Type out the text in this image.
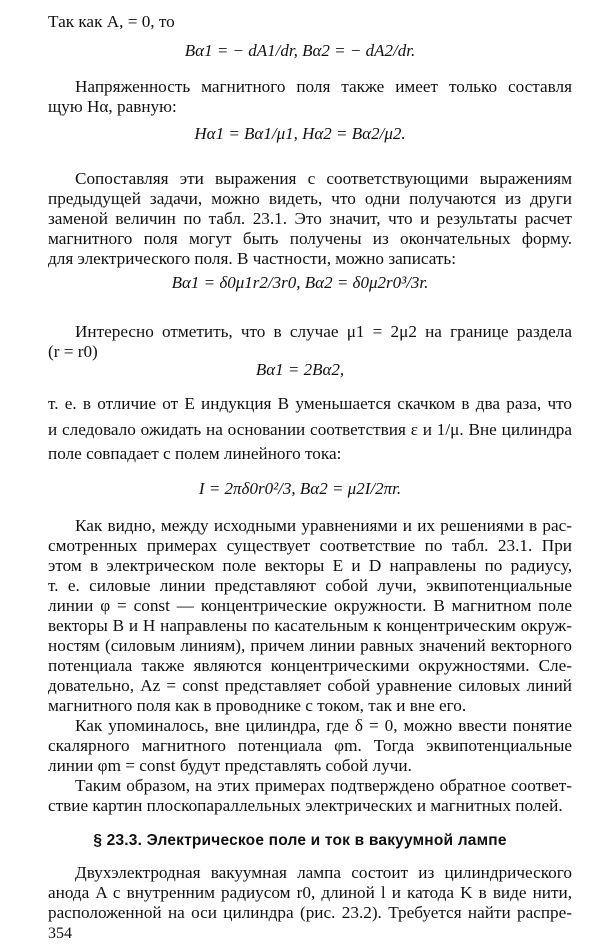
Так как A, = 0, то
Bα1 = − dA1/dr, Bα2 = − dA2/dr.
Напряженность магнитного поля также имеет только составля
щую Hα, равную:
Hα1 = Bα1/μ1, Hα2 = Bα2/μ2.
Сопоставляя эти выражения с соответствующими выражениям
предыдущей задачи, можно видеть, что одни получаются из други
заменой величин по табл. 23.1. Это значит, что и результаты расчет
магнитного поля могут быть получены из окончательных форму.
для электрического поля. В частности, можно записать:
Bα1 = δ0μ1r2/3r0, Bα2 = δ0μ2r0³/3r.
Интересно отметить, что в случае μ1 = 2μ2 на границе раздела
(r = r0)
Bα1 = 2Bα2,
т. е. в отличие от E индукция B уменьшается скачком в два раза, что
и следовало ожидать на основании соответствия ε и 1/μ. Вне цилиндра
поле совпадает с полем линейного тока:
I = 2πδ0r0²/3, Bα2 = μ2I/2πr.
Как видно, между исходными уравнениями и их решениями в рас-
смотренных примерах существует соответствие по табл. 23.1. При
этом в электрическом поле векторы E и D направлены по радиусу,
т. е. силовые линии представляют собой лучи, эквипотенциальные
линии φ = const — концентрические окружности. В магнитном поле
векторы B и H направлены по касательным к концентрическим окруж-
ностям (силовым линиям), причем линии равных значений векторного
потенциала также являются концентрическими окружностями. Сле-
довательно, Az = const представляет собой уравнение силовых линий
магнитного поля как в проводнике с током, так и вне его.
Как упоминалось, вне цилиндра, где δ = 0, можно ввести понятие
скалярного магнитного потенциала φm. Тогда эквипотенциальные
линии φm = const будут представлять собой лучи.
Таким образом, на этих примерах подтверждено обратное соответ-
ствие картин плоскопараллельных электрических и магнитных полей.
§ 23.3. Электрическое поле и ток в вакуумной лампе
Двухэлектродная вакуумная лампа состоит из цилиндрического
анода A с внутренним радиусом r0, длиной l и катода K в виде нити,
расположенной на оси цилиндра (рис. 23.2). Требуется найти распре-
354
